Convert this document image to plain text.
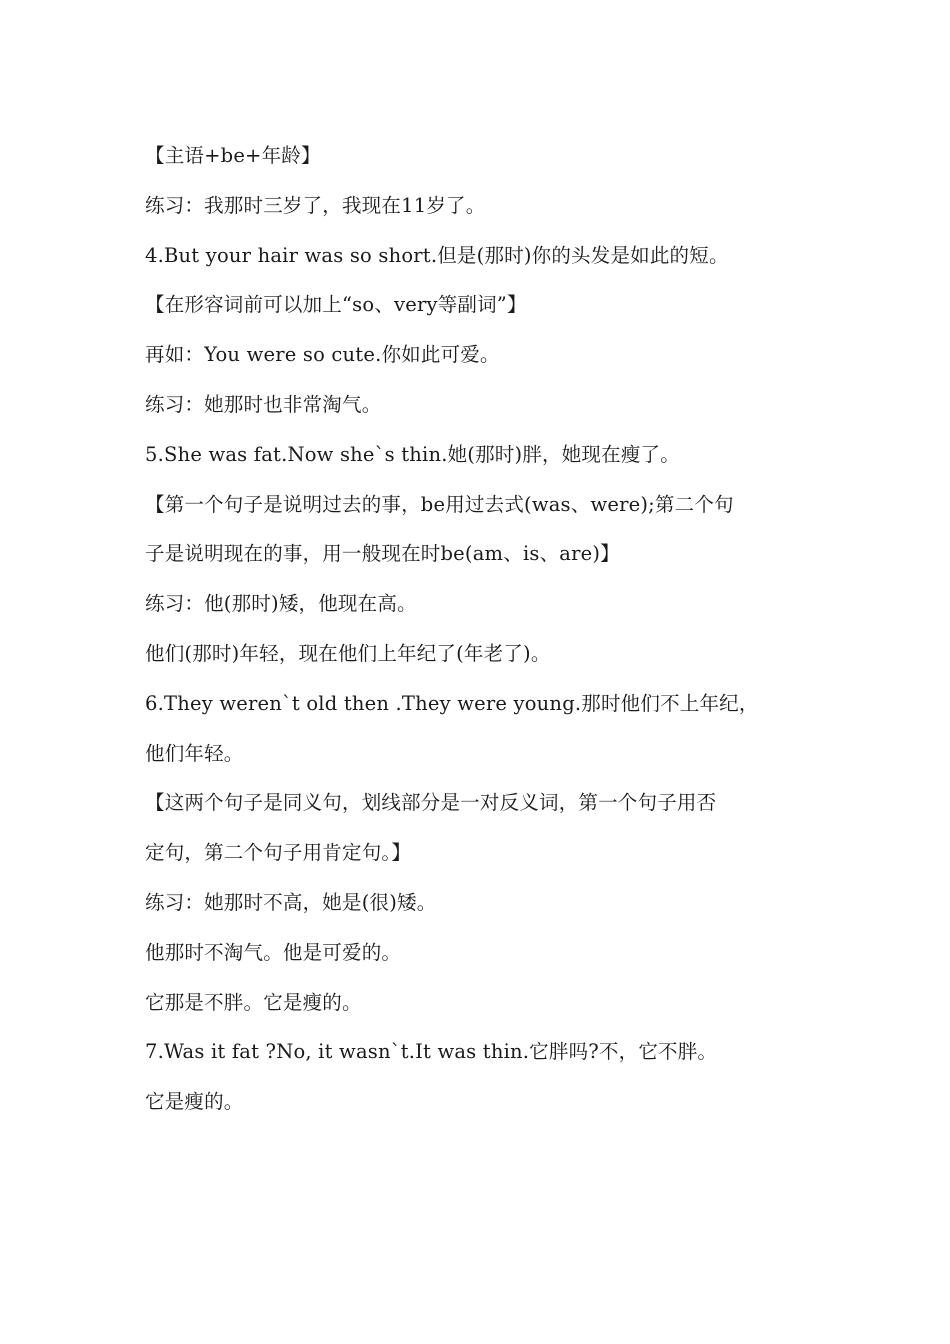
【主语+be+年龄】
练习：我那时三岁了，我现在11岁了。
4.But your hair was so short.但是(那时)你的头发是如此的短。
【在形容词前可以加上“so、very等副词”】
再如：You were so cute.你如此可爱。
练习：她那时也非常淘气。
5.She was fat.Now she`s thin.她(那时)胖，她现在瘦了。
【第一个句子是说明过去的事，be用过去式(was、were);第二个句
子是说明现在的事，用一般现在时be(am、is、are)】
练习：他(那时)矮，他现在高。
他们(那时)年轻，现在他们上年纪了(年老了)。
6.They weren`t old then .They were young.那时他们不上年纪，
他们年轻。
【这两个句子是同义句，划线部分是一对反义词，第一个句子用否
定句，第二个句子用肯定句。】
练习：她那时不高，她是(很)矮。
他那时不淘气。他是可爱的。
它那是不胖。它是瘦的。
7.Was it fat ?No, it wasn`t.It was thin.它胖吗?不，它不胖。
它是瘦的。
